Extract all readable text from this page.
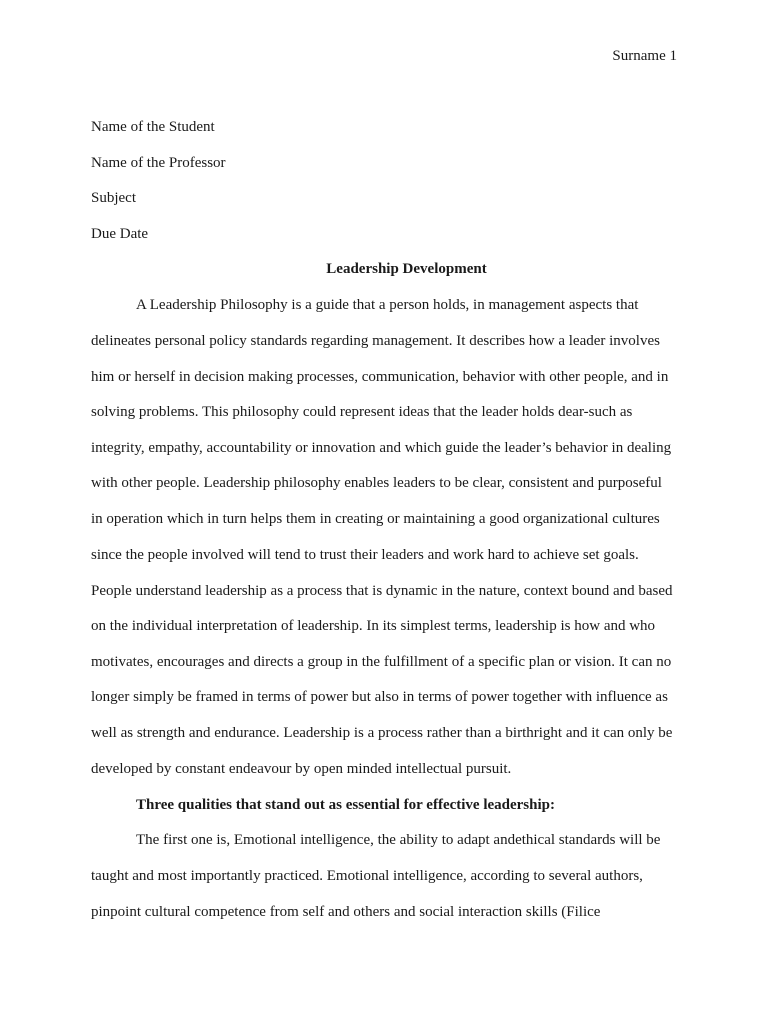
Surname 1
Name of the Student
Name of the Professor
Subject
Due Date
Leadership Development
A Leadership Philosophy is a guide that a person holds, in management aspects that
delineates personal policy standards regarding management. It describes how a leader involves
him or herself in decision making processes, communication, behavior with other people, and in
solving problems. This philosophy could represent ideas that the leader holds dear-such as
integrity, empathy, accountability or innovation and which guide the leader’s behavior in dealing
with other people. Leadership philosophy enables leaders to be clear, consistent and purposeful
in operation which in turn helps them in creating or maintaining a good organizational cultures
since the people involved will tend to trust their leaders and work hard to achieve set goals.
People understand leadership as a process that is dynamic in the nature, context bound and based
on the individual interpretation of leadership. In its simplest terms, leadership is how and who
motivates, encourages and directs a group in the fulfillment of a specific plan or vision. It can no
longer simply be framed in terms of power but also in terms of power together with influence as
well as strength and endurance. Leadership is a process rather than a birthright and it can only be
developed by constant endeavour by open minded intellectual pursuit.
Three qualities that stand out as essential for effective leadership:
The first one is, Emotional intelligence, the ability to adapt andethical standards will be
taught and most importantly practiced. Emotional intelligence, according to several authors,
pinpoint cultural competence from self and others and social interaction skills (Filice
